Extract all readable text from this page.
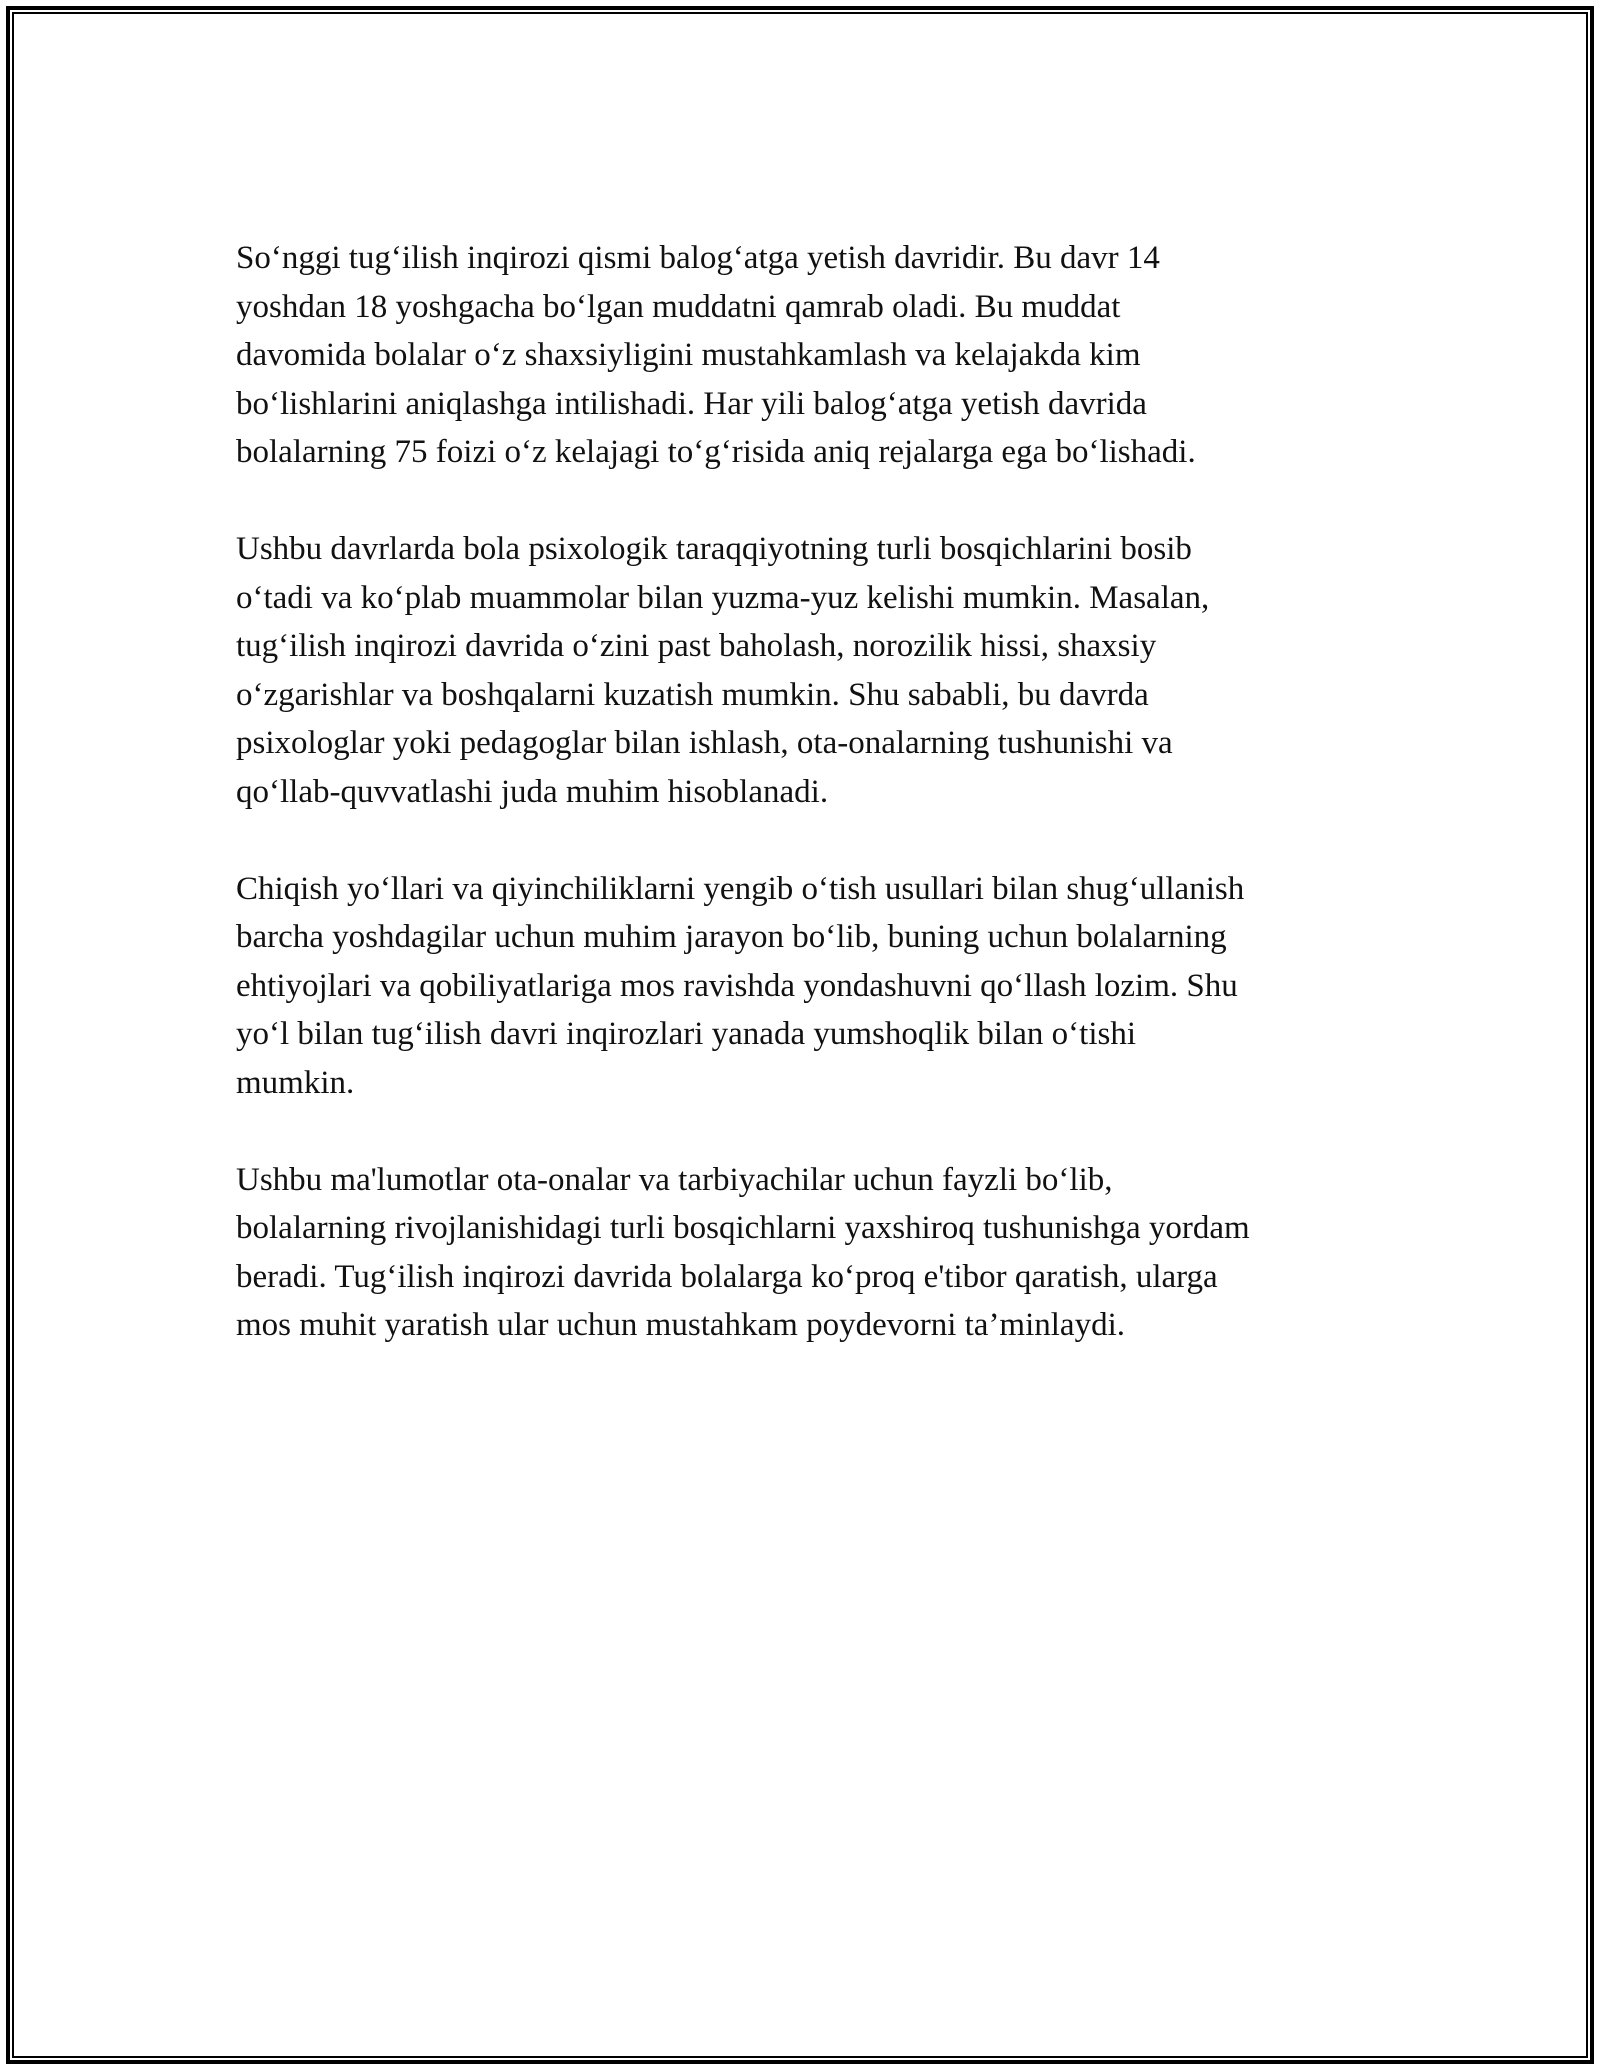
So‘nggi tug‘ilish inqirozi qismi balog‘atga yetish davridir. Bu davr 14
yoshdan 18 yoshgacha bo‘lgan muddatni qamrab oladi. Bu muddat
davomida bolalar o‘z shaxsiyligini mustahkamlash va kelajakda kim
bo‘lishlarini aniqlashga intilishadi. Har yili balog‘atga yetish davrida
bolalarning 75 foizi o‘z kelajagi to‘g‘risida aniq rejalarga ega bo‘lishadi.

Ushbu davrlarda bola psixologik taraqqiyotning turli bosqichlarini bosib
o‘tadi va ko‘plab muammolar bilan yuzma-yuz kelishi mumkin. Masalan,
tug‘ilish inqirozi davrida o‘zini past baholash, norozilik hissi, shaxsiy
o‘zgarishlar va boshqalarni kuzatish mumkin. Shu sababli, bu davrda
psixologlar yoki pedagoglar bilan ishlash, ota-onalarning tushunishi va
qo‘llab-quvvatlashi juda muhim hisoblanadi.

Chiqish yo‘llari va qiyinchiliklarni yengib o‘tish usullari bilan shug‘ullanish
barcha yoshdagilar uchun muhim jarayon bo‘lib, buning uchun bolalarning
ehtiyojlari va qobiliyatlariga mos ravishda yondashuvni qo‘llash lozim. Shu
yo‘l bilan tug‘ilish davri inqirozlari yanada yumshoqlik bilan o‘tishi
mumkin.

Ushbu ma'lumotlar ota-onalar va tarbiyachilar uchun fayzli bo‘lib,
bolalarning rivojlanishidagi turli bosqichlarni yaxshiroq tushunishga yordam
beradi. Tug‘ilish inqirozi davrida bolalarga ko‘proq e'tibor qaratish, ularga
mos muhit yaratish ular uchun mustahkam poydevorni ta’minlaydi.
